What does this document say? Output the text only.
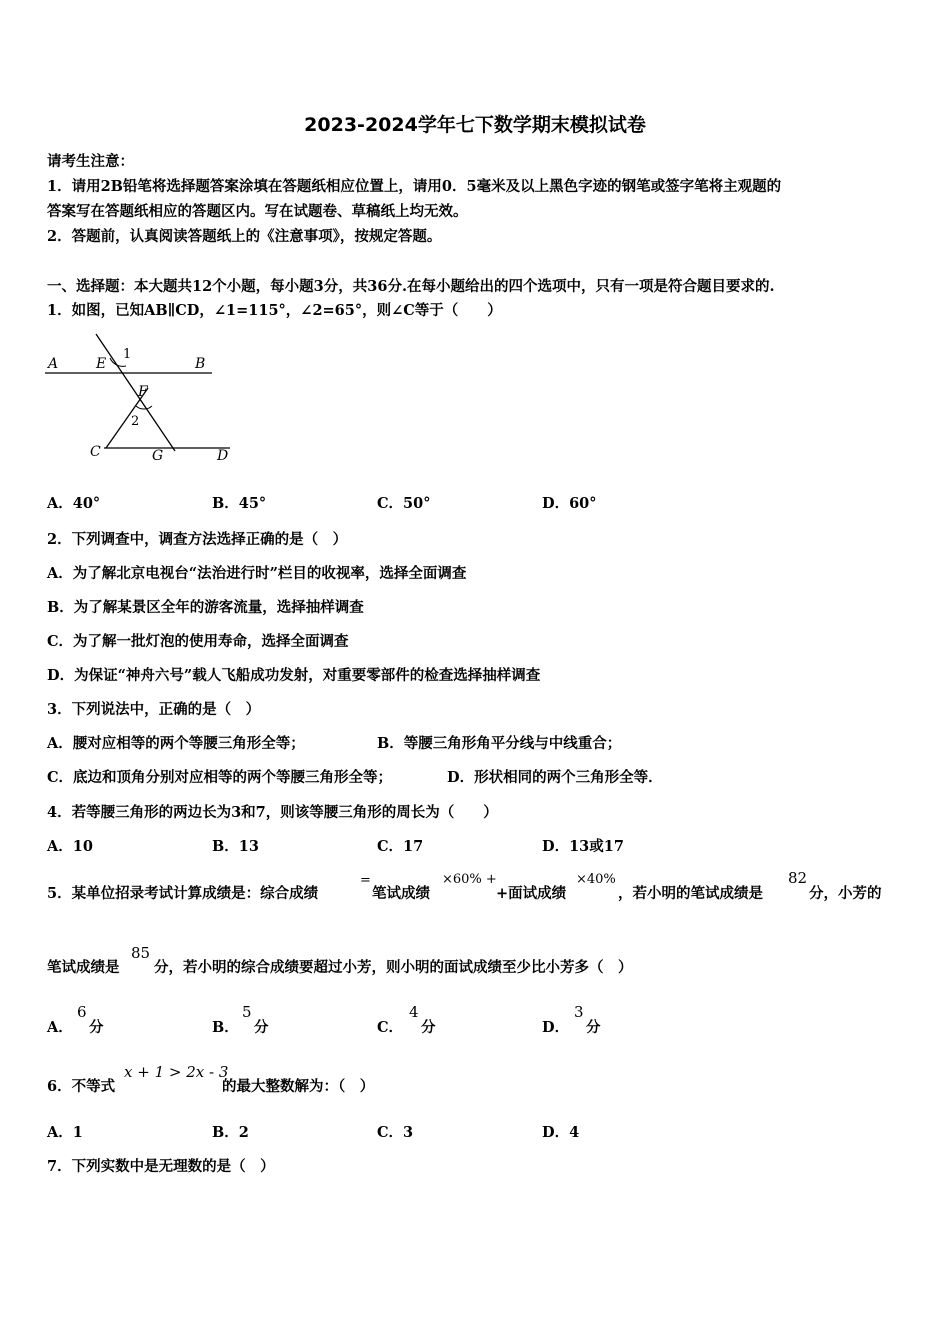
2023-2024学年七下数学期末模拟试卷
请考生注意：
1．请用2B铅笔将选择题答案涂填在答题纸相应位置上，请用0．5毫米及以上黑色字迹的钢笔或签字笔将主观题的
答案写在答题纸相应的答题区内。写在试题卷、草稿纸上均无效。
2．答题前，认真阅读答题纸上的《注意事项》，按规定答题。
一、选择题：本大题共12个小题，每小题3分，共36分.在每小题给出的四个选项中，只有一项是符合题目要求的.
1．如图，已知AB∥CD，∠1=115°，∠2=65°，则∠C等于（　　）
A	E
1
B
F
2
C	G	D
A．40°	B．45°	C．50°	D．60°
2．下列调查中，调查方法选择正确的是（　）
A．为了解北京电视台“法治进行时”栏目的收视率，选择全面调查
B．为了解某景区全年的游客流量，选择抽样调查
C．为了解一批灯泡的使用寿命，选择全面调查
D．为保证“神舟六号”载人飞船成功发射，对重要零部件的检查选择抽样调查
3．下列说法中，正确的是（　）
A．腰对应相等的两个等腰三角形全等；	B．等腰三角形角平分线与中线重合；
C．底边和顶角分别对应相等的两个等腰三角形全等；	D．形状相同的两个三角形全等．
4．若等腰三角形的两边长为3和7，则该等腰三角形的周长为（　　）
A．10	B．13	C．17	D．13或17
5．某单位招录考试计算成绩是：综合成绩
=
笔试成绩
×60% +
+面试成绩
×40%
，若小明的笔试成绩是
82
分，小芳的
笔试成绩是
85
分，若小明的综合成绩要超过小芳，则小明的面试成绩至少比小芳多（　）
A．
6
分	B．
5
分	C．
4
分	D．
3
分
6．不等式
x + 1 > 2x - 3
的最大整数解为：（　）
A．1	B．2	C．3	D．4
7．下列实数中是无理数的是（　）
